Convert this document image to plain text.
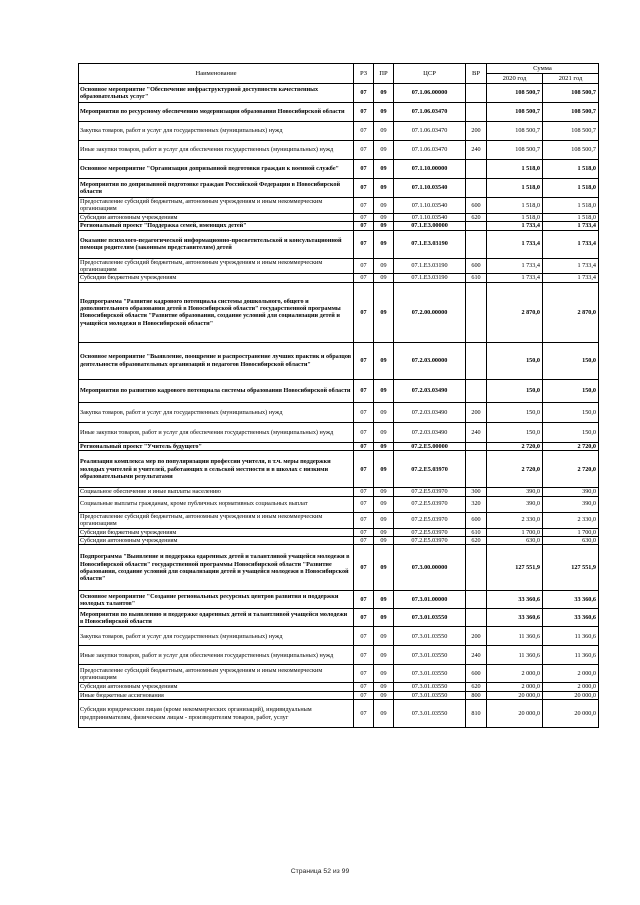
Наименование	РЗ	ПР	ЦСР	ВР	Сумма	
					2020 год	2021 год
Основное мероприятие "Обеспечение инфраструктурной доступности качественных образовательных услуг"	07	09	07.1.06.00000		108 500,7	108 500,7
Мероприятия по ресурсному обеспечению модернизации образования Новосибирской области	07	09	07.1.06.03470		108 500,7	108 500,7
Закупка товаров, работ и услуг для государственных (муниципальных) нужд	07	09	07.1.06.03470	200	108 500,7	108 500,7
Иные закупки товаров, работ и услуг для обеспечения государственных (муниципальных) нужд	07	09	07.1.06.03470	240	108 500,7	108 500,7
Основное мероприятие "Организация допризывной подготовки граждан к военной службе"	07	09	07.1.10.00000		1 518,0	1 518,0
Мероприятия по допризывной подготовке граждан Российской Федерации в Новосибирской области	07	09	07.1.10.03540		1 518,0	1 518,0
Предоставление субсидий бюджетным, автономным учреждениям и иным некоммерческим организациям	07	09	07.1.10.03540	600	1 518,0	1 518,0
Субсидии автономным учреждениям	07	09	07.1.10.03540	620	1 518,0	1 518,0
Региональный проект "Поддержка семей, имеющих детей"	07	09	07.1.E3.00000		1 733,4	1 733,4
Оказание психолого-педагогической информационно-просветительской и консультационной помощи родителям (законным представителям) детей	07	09	07.1.E3.03190		1 733,4	1 733,4
Предоставление субсидий бюджетным, автономным учреждениям и иным некоммерческим организациям	07	09	07.1.E3.03190	600	1 733,4	1 733,4
Субсидии бюджетным учреждениям	07	09	07.1.E3.03190	610	1 733,4	1 733,4
Подпрограмма "Развитие кадрового потенциала системы дошкольного, общего и дополнительного образования детей в Новосибирской области" государственной программы Новосибирской области "Развитие образования, создание условий для социализации детей и учащейся молодежи в Новосибирской области"	07	09	07.2.00.00000		2 870,0	2 870,0
Основное мероприятие "Выявление, поощрение и распространение лучших практик и образцов деятельности образовательных организаций и педагогов Новосибирской области"	07	09	07.2.03.00000		150,0	150,0
Мероприятия по развитию кадрового потенциала системы образования Новосибирской области	07	09	07.2.03.03490		150,0	150,0
Закупка товаров, работ и услуг для государственных (муниципальных) нужд	07	09	07.2.03.03490	200	150,0	150,0
Иные закупки товаров, работ и услуг для обеспечения государственных (муниципальных) нужд	07	09	07.2.03.03490	240	150,0	150,0
Региональный проект "Учитель будущего"	07	09	07.2.E5.00000		2 720,0	2 720,0
Реализация комплекса мер по популяризации профессии учителя, в т.ч. меры поддержки молодых учителей и учителей, работающих в сельской местности и в школах с низкими образовательными результатами	07	09	07.2.E5.03970		2 720,0	2 720,0
Социальное обеспечение и иные выплаты населению	07	09	07.2.E5.03970	300	390,0	390,0
Социальные выплаты гражданам, кроме публичных нормативных социальных выплат	07	09	07.2.E5.03970	320	390,0	390,0
Предоставление субсидий бюджетным, автономным учреждениям и иным некоммерческим организациям	07	09	07.2.E5.03970	600	2 330,0	2 330,0
Субсидии бюджетным учреждениям	07	09	07.2.E5.03970	610	1 700,0	1 700,0
Субсидии автономным учреждениям	07	09	07.2.E5.03970	620	630,0	630,0
Подпрограмма "Выявление и поддержка одаренных детей и талантливой учащейся молодежи в Новосибирской области" государственной программы Новосибирской области "Развитие образования, создание условий для социализации детей и учащейся молодежи в Новосибирской области"	07	09	07.3.00.00000		127 551,9	127 551,9
Основное мероприятие "Создание региональных ресурсных центров развития и поддержки молодых талантов"	07	09	07.3.01.00000		33 360,6	33 360,6
Мероприятия по выявлению и поддержке одаренных детей и талантливой учащейся молодежи в Новосибирской области	07	09	07.3.01.03550		33 360,6	33 360,6
Закупка товаров, работ и услуг для государственных (муниципальных) нужд	07	09	07.3.01.03550	200	11 360,6	11 360,6
Иные закупки товаров, работ и услуг для обеспечения государственных (муниципальных) нужд	07	09	07.3.01.03550	240	11 360,6	11 360,6
Предоставление субсидий бюджетным, автономным учреждениям и иным некоммерческим организациям	07	09	07.3.01.03550	600	2 000,0	2 000,0
Субсидии автономным учреждениям	07	09	07.3.01.03550	620	2 000,0	2 000,0
Иные бюджетные ассигнования	07	09	07.3.01.03550	800	20 000,0	20 000,0
Субсидии юридическим лицам (кроме некоммерческих организаций), индивидуальным предпринимателям, физическим лицам - производителям товаров, работ, услуг	07	09	07.3.01.03550	810	20 000,0	20 000,0
Страница 52 из 99
